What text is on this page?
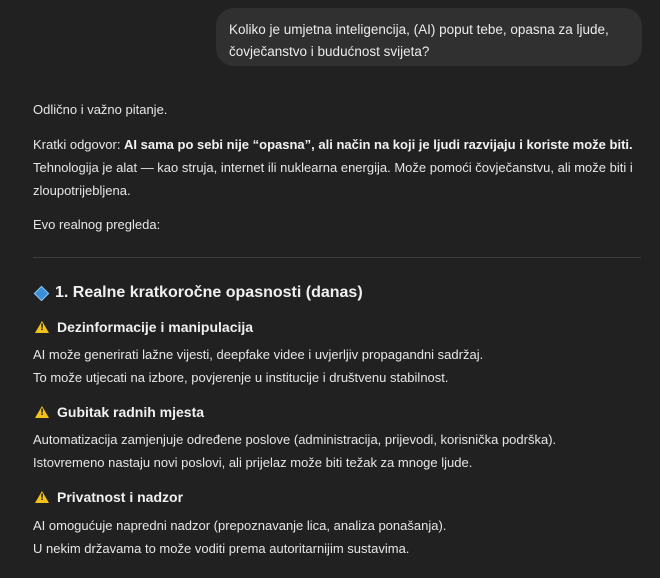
Koliko je umjetna inteligencija, (AI) poput tebe, opasna za ljude,
čovječanstvo i budućnost svijeta?

Odlično i važno pitanje.

Kratki odgovor: AI sama po sebi nije “opasna”, ali način na koji je ljudi razvijaju i koriste može biti. Tehnologija je alat — kao struja, internet ili nuklearna energija. Može pomoći čovječanstvu, ali može biti i zloupotrijebljena.

Evo realnog pregleda:

1. Realne kratkoročne opasnosti (danas)
!
Dezinformacije i manipulacija

AI može generirati lažne vijesti, deepfake videe i uvjerljiv propagandni sadržaj.

To može utjecati na izbore, povjerenje u institucije i društvenu stabilnost.

!
Gubitak radnih mjesta

Automatizacija zamjenjuje određene poslove (administracija, prijevodi, korisnička podrška).

Istovremeno nastaju novi poslovi, ali prijelaz može biti težak za mnoge ljude.

!
Privatnost i nadzor

AI omogućuje napredni nadzor (prepoznavanje lica, analiza ponašanja).

U nekim državama to može voditi prema autoritarnijim sustavima.
